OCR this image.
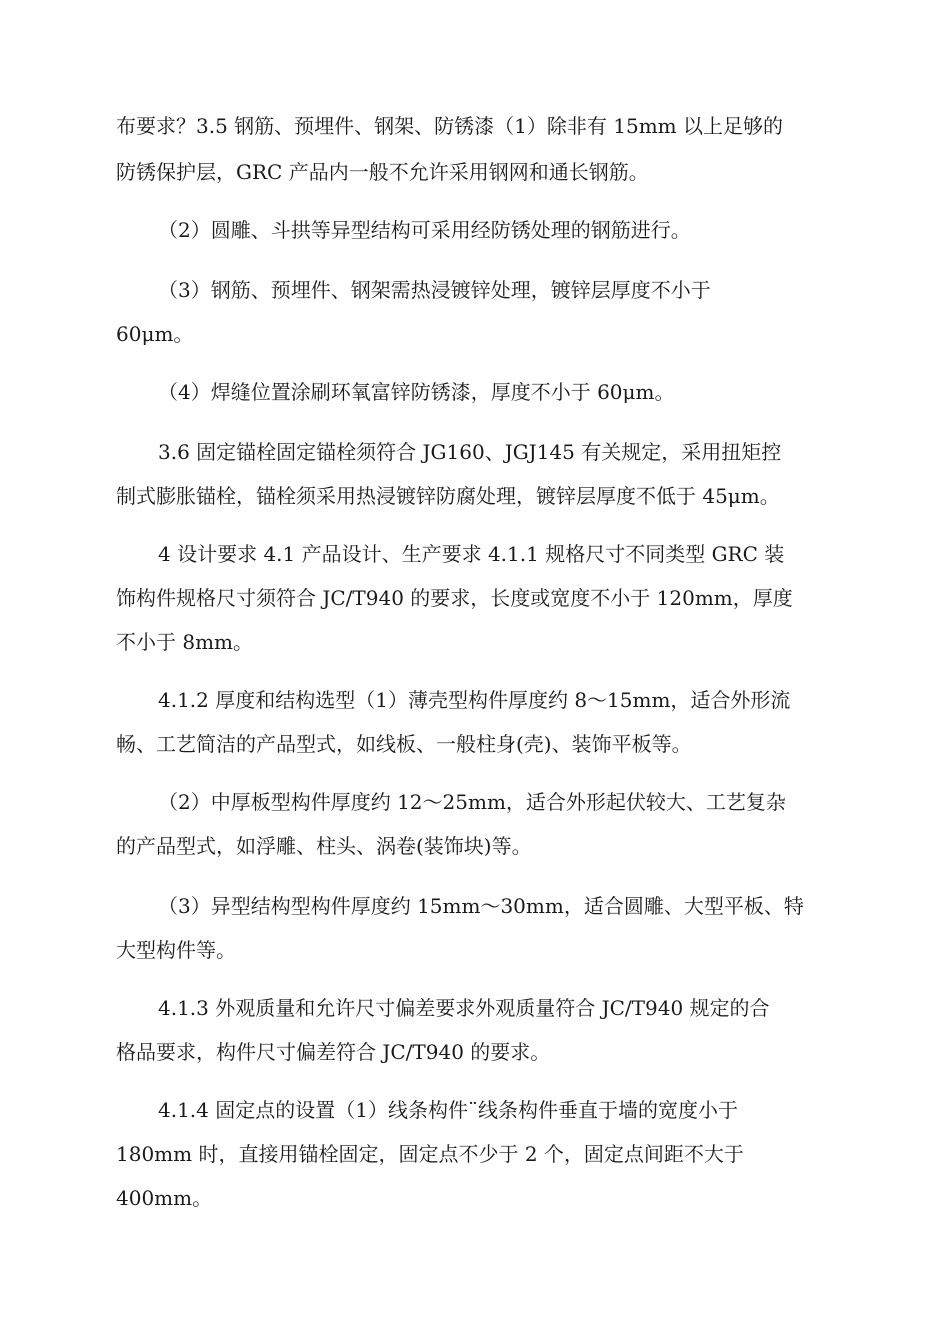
布要求？3.5 钢筋、预埋件、钢架、防锈漆（1）除非有 15mm 以上足够的
防锈保护层，GRC 产品内一般不允许采用钢网和通长钢筋。
（2）圆雕、斗拱等异型结构可采用经防锈处理的钢筋进行。
（3）钢筋、预埋件、钢架需热浸镀锌处理，镀锌层厚度不小于
60μm。
（4）焊缝位置涂刷环氧富锌防锈漆，厚度不小于 60μm。
3.6 固定锚栓固定锚栓须符合 JG160、JGJ145 有关规定，采用扭矩控
制式膨胀锚栓，锚栓须采用热浸镀锌防腐处理，镀锌层厚度不低于 45μm。
4 设计要求 4.1 产品设计、生产要求 4.1.1 规格尺寸不同类型 GRC 装
饰构件规格尺寸须符合 JC/T940 的要求，长度或宽度不小于 120mm，厚度
不小于 8mm。
4.1.2 厚度和结构选型（1）薄壳型构件厚度约 8～15mm，适合外形流
畅、工艺简洁的产品型式，如线板、一般柱身(壳)、装饰平板等。
（2）中厚板型构件厚度约 12～25mm，适合外形起伏较大、工艺复杂
的产品型式，如浮雕、柱头、涡卷(装饰块)等。
（3）异型结构型构件厚度约 15mm～30mm，适合圆雕、大型平板、特
大型构件等。
4.1.3 外观质量和允许尺寸偏差要求外观质量符合 JC/T940 规定的合
格品要求，构件尺寸偏差符合 JC/T940 的要求。
4.1.4 固定点的设置（1）线条构件¨线条构件垂直于墙的宽度小于
180mm 时，直接用锚栓固定，固定点不少于 2 个，固定点间距不大于
400mm。
